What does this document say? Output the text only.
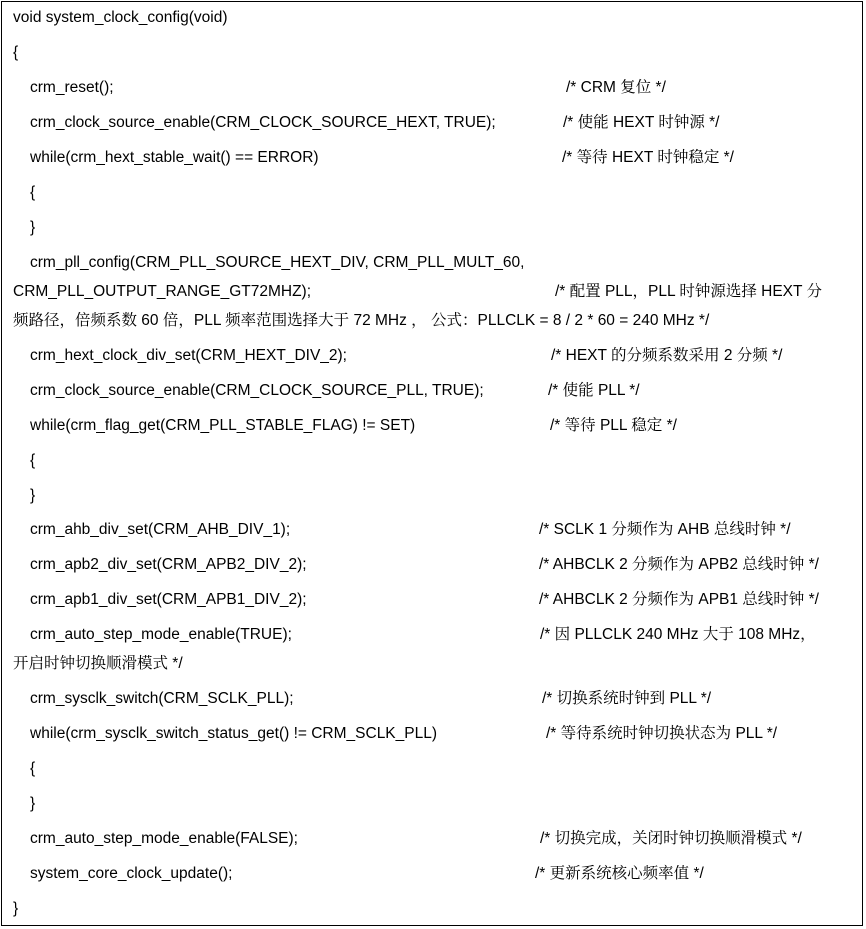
void system_clock_config(void)
{
crm_reset();	/* CRM 复位 */
crm_clock_source_enable(CRM_CLOCK_SOURCE_HEXT, TRUE);	/* 使能 HEXT 时钟源 */
while(crm_hext_stable_wait() == ERROR)	/* 等待 HEXT 时钟稳定 */
{
}
crm_pll_config(CRM_PLL_SOURCE_HEXT_DIV, CRM_PLL_MULT_60,
CRM_PLL_OUTPUT_RANGE_GT72MHZ);	/* 配置 PLL，PLL 时钟源选择 HEXT 分
频路径，倍频系数 60 倍，PLL 频率范围选择大于 72 MHz ， 公式：PLLCLK = 8 / 2 * 60 = 240 MHz */
crm_hext_clock_div_set(CRM_HEXT_DIV_2);	/* HEXT 的分频系数采用 2 分频 */
crm_clock_source_enable(CRM_CLOCK_SOURCE_PLL, TRUE);	/* 使能 PLL */
while(crm_flag_get(CRM_PLL_STABLE_FLAG) != SET)	/* 等待 PLL 稳定 */
{
}
crm_ahb_div_set(CRM_AHB_DIV_1);	/* SCLK 1 分频作为 AHB 总线时钟 */
crm_apb2_div_set(CRM_APB2_DIV_2);	/* AHBCLK 2 分频作为 APB2 总线时钟 */
crm_apb1_div_set(CRM_APB1_DIV_2);	/* AHBCLK 2 分频作为 APB1 总线时钟 */
crm_auto_step_mode_enable(TRUE);	/* 因 PLLCLK 240 MHz 大于 108 MHz，
开启时钟切换顺滑模式 */
crm_sysclk_switch(CRM_SCLK_PLL);	/* 切换系统时钟到 PLL */
while(crm_sysclk_switch_status_get() != CRM_SCLK_PLL)	/* 等待系统时钟切换状态为 PLL */
{
}
crm_auto_step_mode_enable(FALSE);	/* 切换完成，关闭时钟切换顺滑模式 */
system_core_clock_update();	/* 更新系统核心频率值 */
}
